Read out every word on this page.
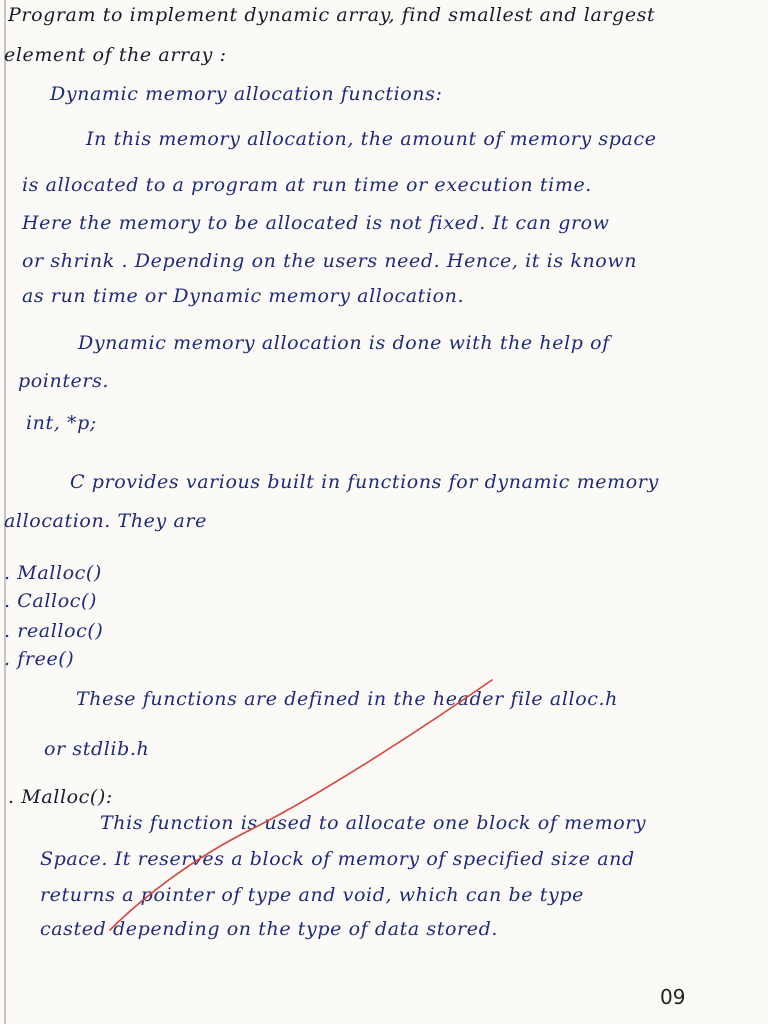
Program to implement dynamic array, find smallest and largest
element of the array :
Dynamic memory allocation functions:
In this memory allocation, the amount of memory space
is allocated to a program at run time or execution time.
Here the memory to be allocated is not fixed. It can grow
or shrink . Depending on the users need. Hence, it is known
as run time or Dynamic memory allocation.
Dynamic memory allocation is done with the help of
pointers.
int, *p;
C provides various built in functions for dynamic memory
allocation. They are
. Malloc()
. Calloc()
. realloc()
. free()
These functions are defined in the header file alloc.h
or stdlib.h
. Malloc():
This function is used to allocate one block of memory
Space. It reserves a block of memory of specified size and
returns a pointer of type and void, which can be type
casted depending on the type of data stored.
09
